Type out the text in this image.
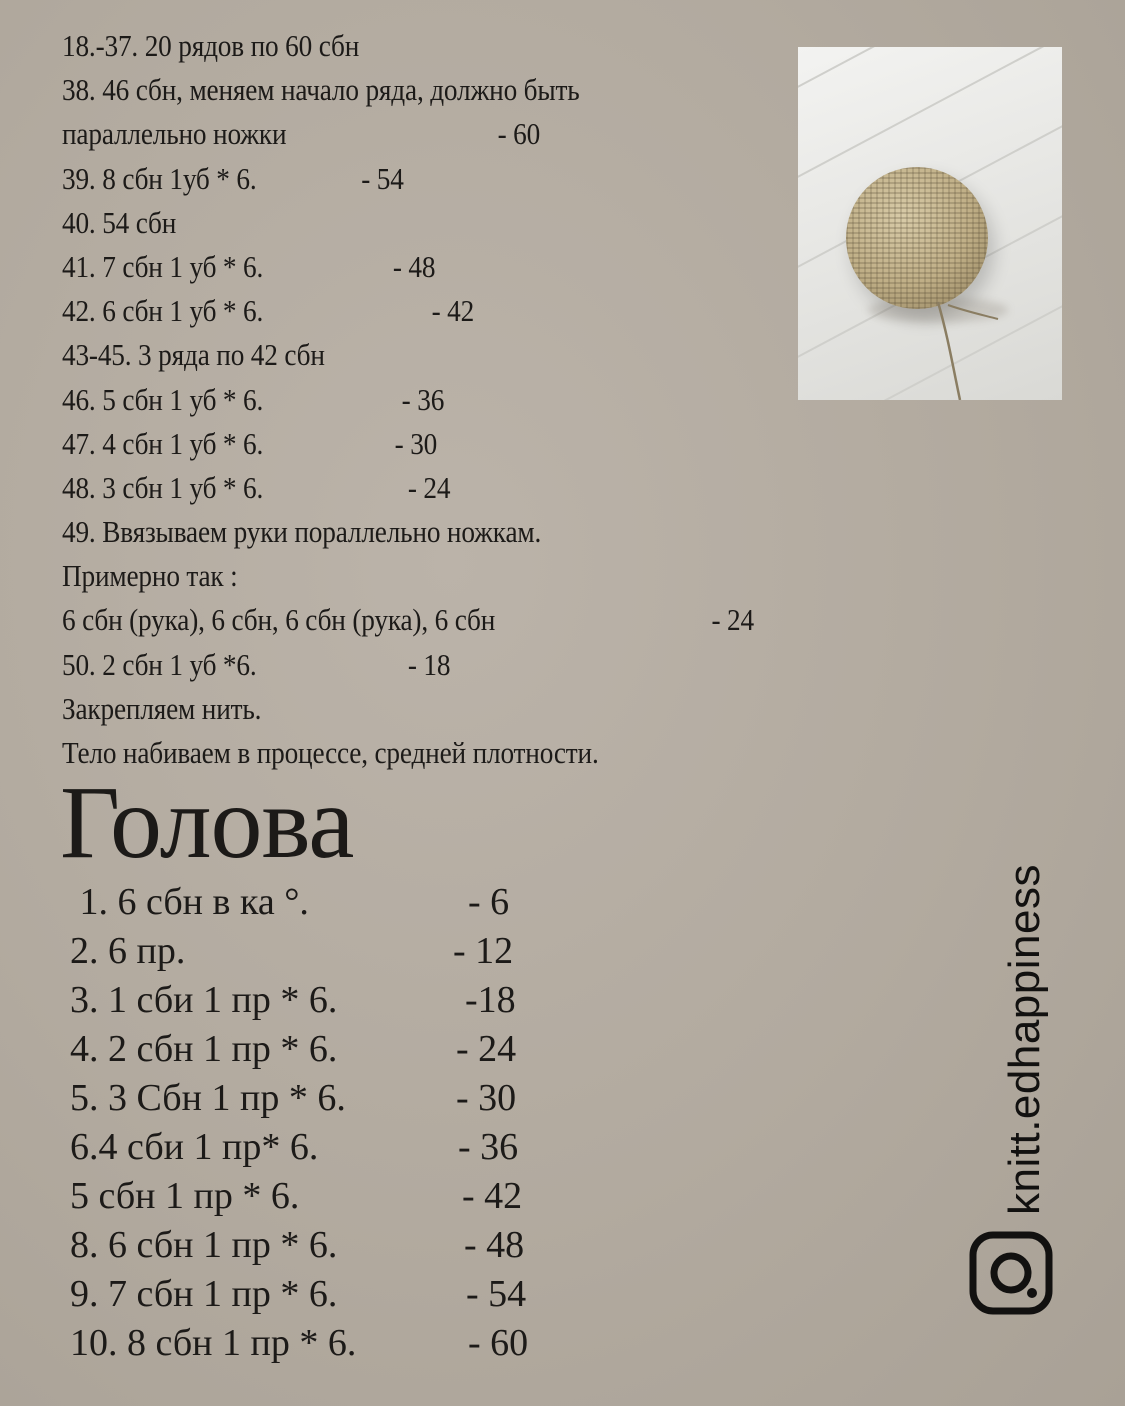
18.-37. 20 рядов по 60 сбн
38. 46 сбн, меняем начало ряда, должно быть
параллельно ножки	- 60
39. 8 сбн 1уб * 6.	- 54
40. 54 сбн
41. 7 сбн 1 уб * 6.	- 48
42. 6 сбн 1 уб * 6.	- 42
43-45. 3 ряда по 42 сбн
46. 5 сбн 1 уб * 6.	- 36
47. 4 сбн 1 уб * 6.	- 30
48. 3 сбн 1 уб * 6.	- 24
49. Ввязываем руки пораллельно ножкам.
Примерно так :
6 сбн (рука), 6 сбн, 6 сбн (рука), 6 сбн	- 24
50. 2 сбн 1 уб *6.	- 18
Закрепляем нить.
Тело набиваем в процессе, средней плотности.
Голова
1. 6 сбн в ка °.	- 6
2. 6 пр.	- 12
3. 1 сби 1 пр * 6.	-18
4. 2 сбн 1 пр * 6.	- 24
5. 3 Сбн 1 пр * 6.	- 30
6.4 сби 1 пр* 6.	- 36
5 сбн 1 пр * 6.	- 42
8. 6 сбн 1 пр * 6.	- 48
9. 7 сбн 1 пр * 6.	- 54
10. 8 сбн 1 пр * 6.	- 60
knitt.edhappiness
